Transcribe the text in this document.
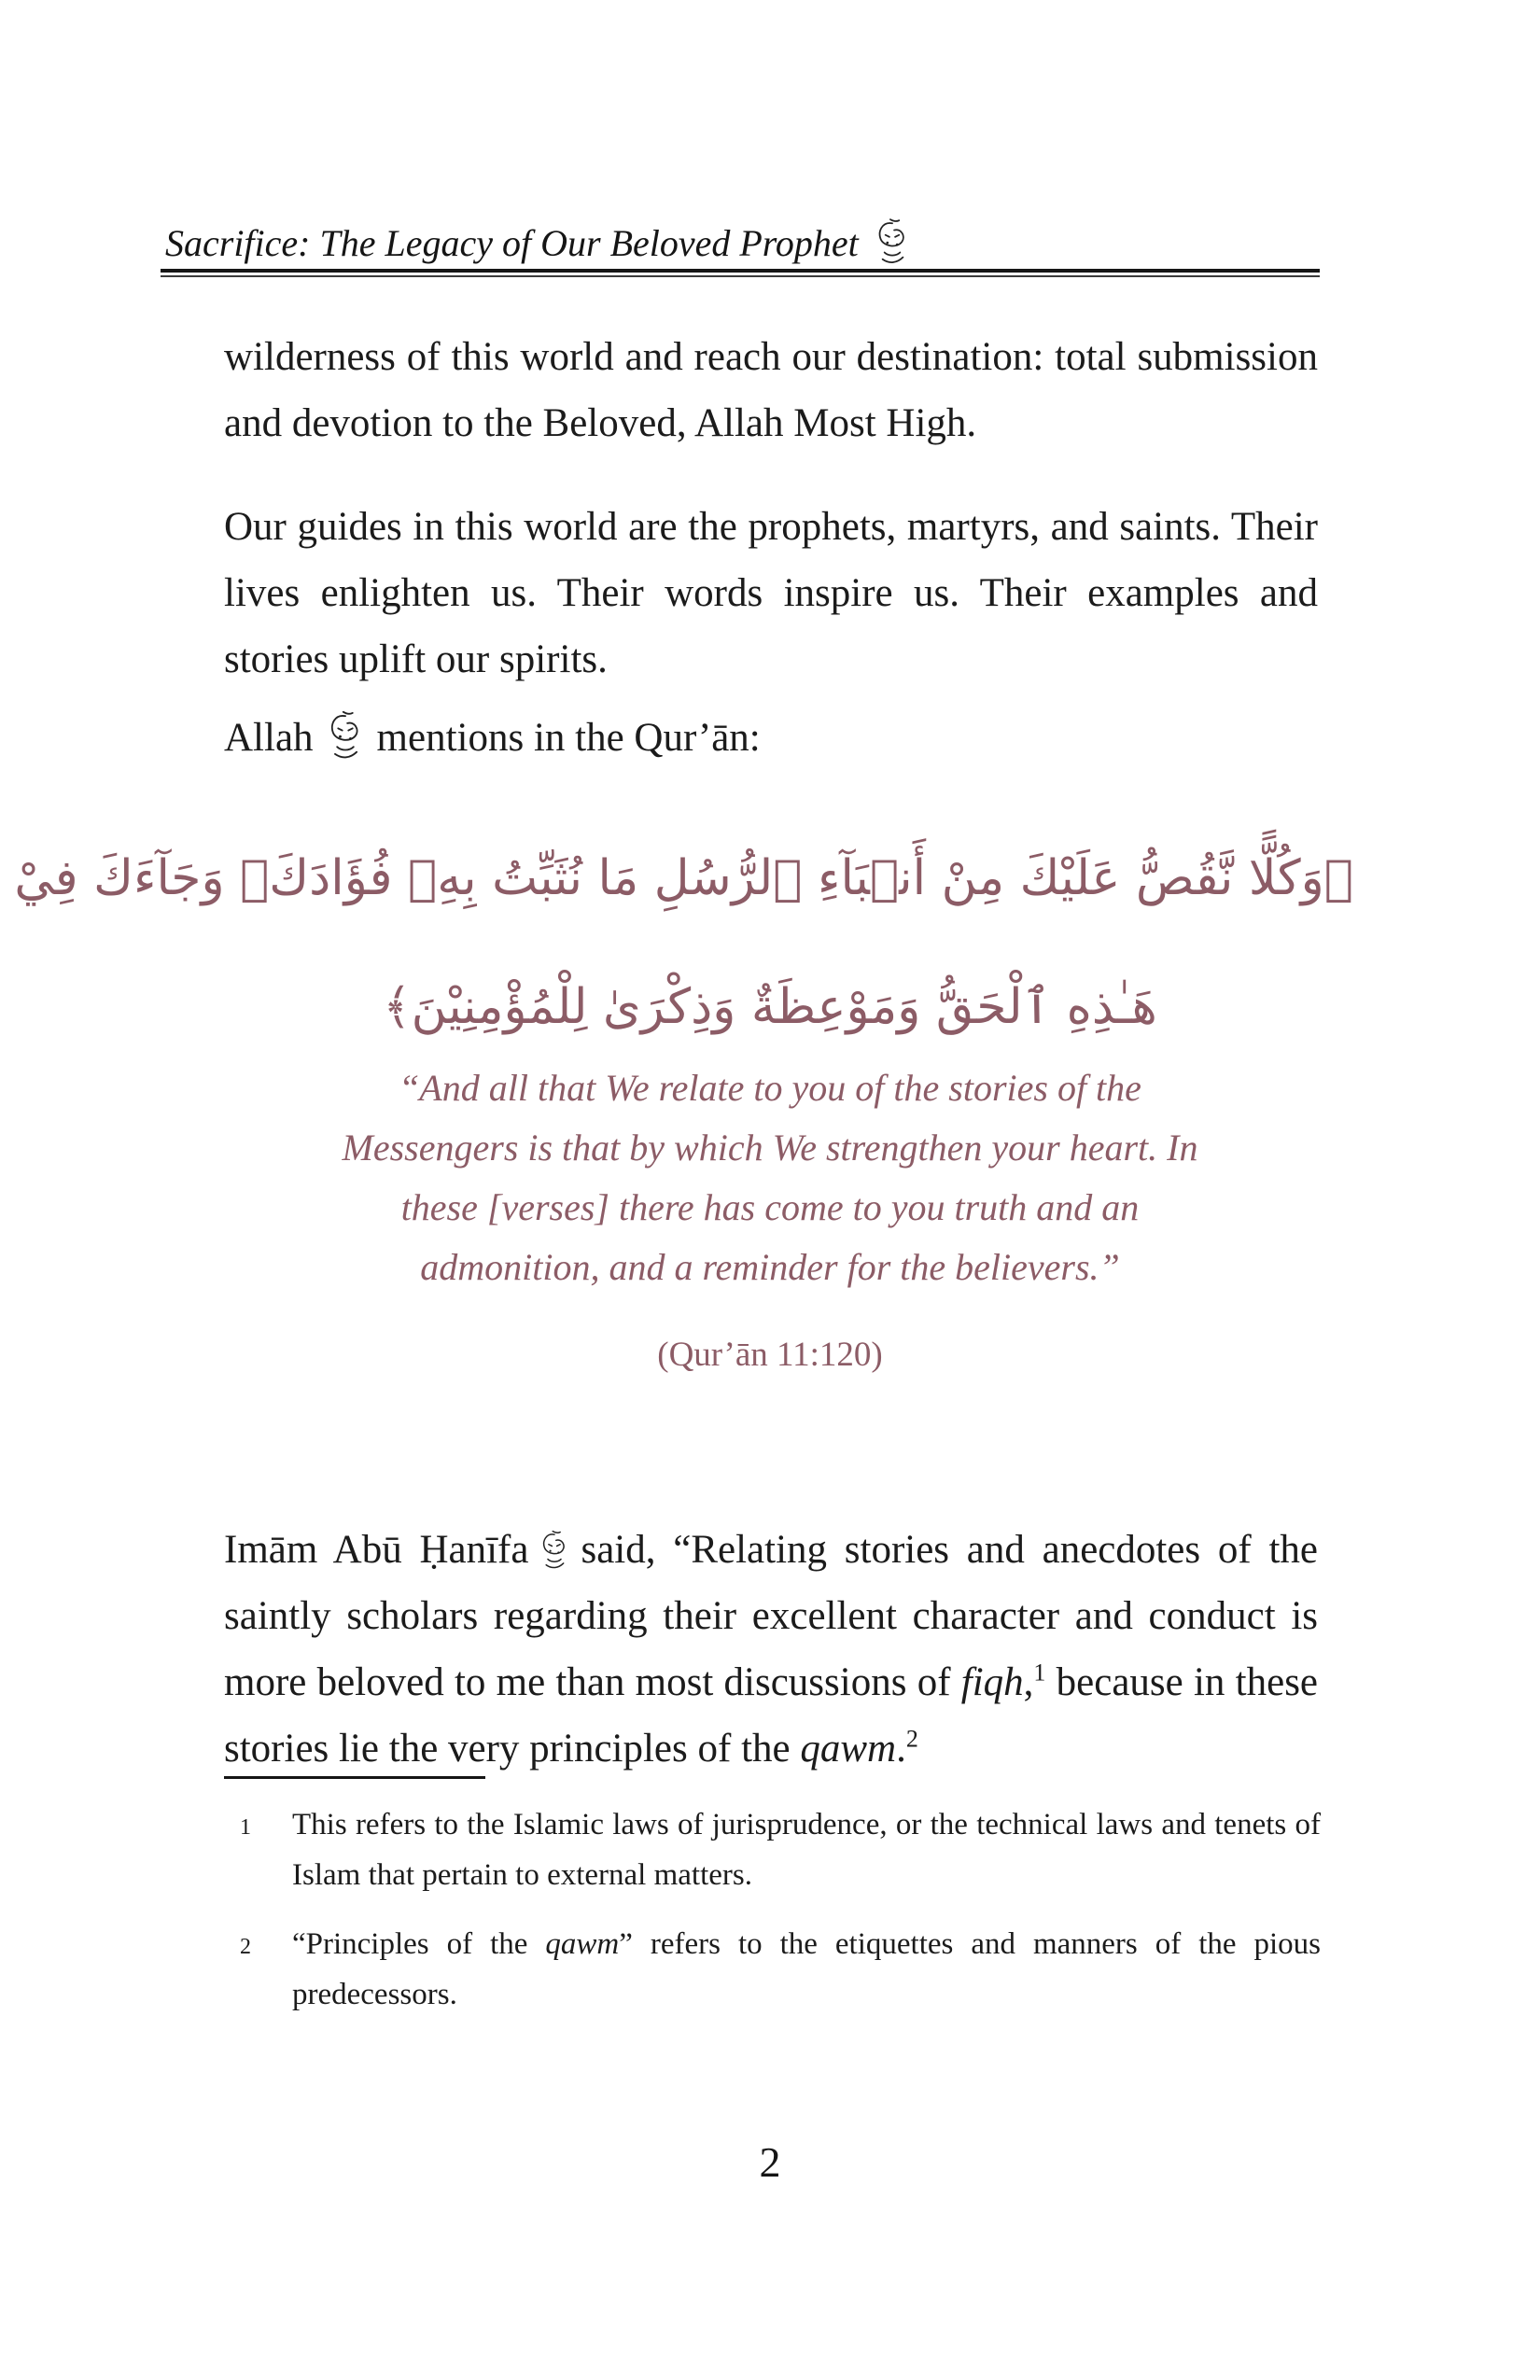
Sacrifice: The Legacy of Our Beloved Prophet

wilderness of this world and reach our destination: total submission and devotion to the Beloved, Allah Most High.

Our guides in this world are the prophets, martyrs, and saints. Their lives enlighten us. Their words inspire us. Their examples and stories uplift our spirits.

Allah mentions in the Qur’ān:

﴿وَكُلًّا نَّقُصُّ عَلَيْكَ مِنْ أَنۢبَآءِ ٱلرُّسُلِ مَا نُثَبِّتُ بِهِۦ فُؤَادَكَۚ وَجَآءَكَ فِيْ
هَـٰذِهِ ٱلْحَقُّ وَمَوْعِظَةٌ وَذِكْرَىٰ لِلْمُؤْمِنِيْنَ﴾
“And all that We relate to you of the stories of the
Messengers is that by which We strengthen your heart. In
these [verses] there has come to you truth and an
admonition, and a reminder for the believers.”
(Qur’ān 11:120)

Imām Abū Ḥanīfa said, “Relating stories and anecdotes of the saintly scholars regarding their excellent character and conduct is more beloved to me than most discussions of fiqh,$^1$ because in these stories lie the very principles of the qawm.$^2$

1 This refers to the Islamic laws of jurisprudence, or the technical laws and tenets of Islam that pertain to external matters.
2 “Principles of the qawm” refers to the etiquettes and manners of the pious predecessors.
2
